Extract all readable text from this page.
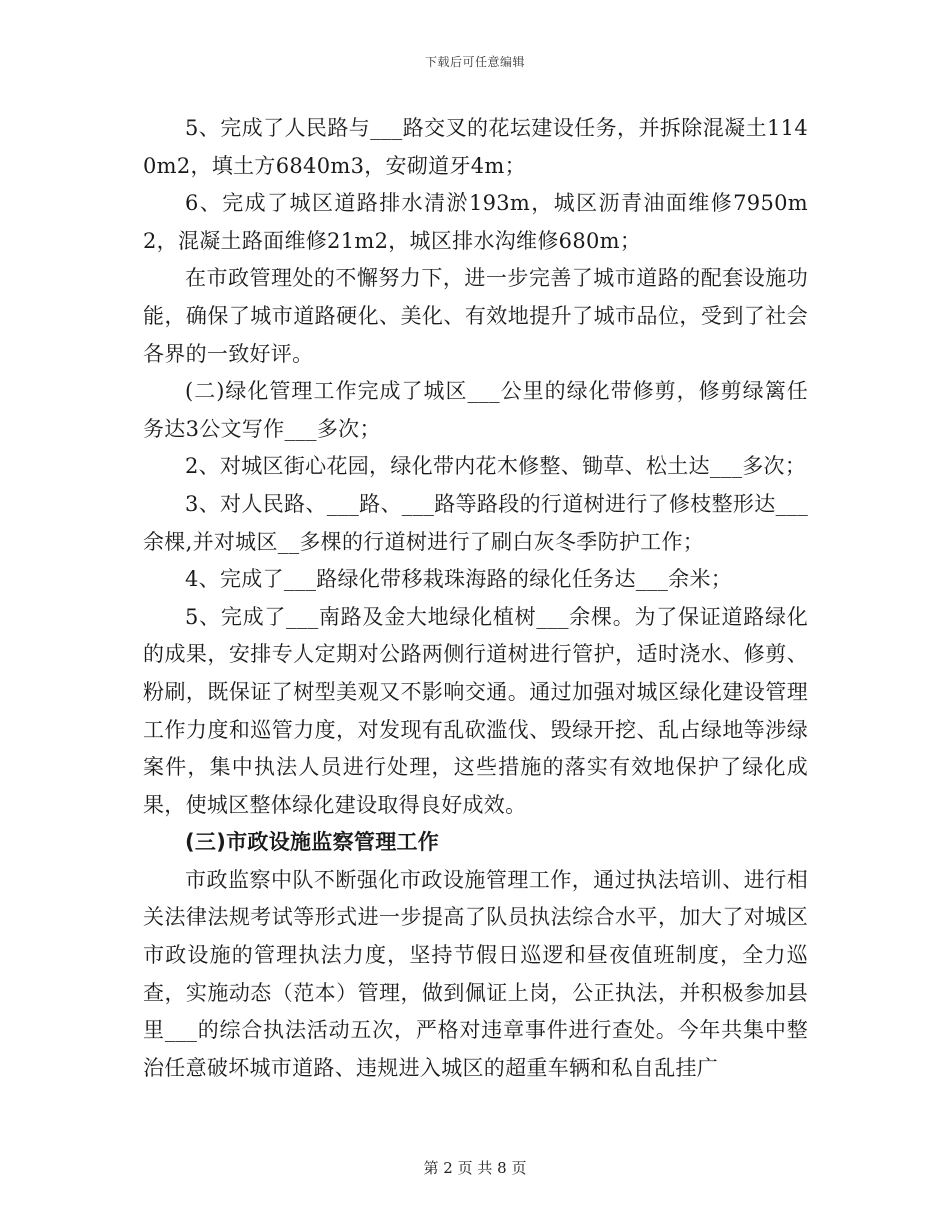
下载后可任意编辑

5、完成了人民路与___路交叉的花坛建设任务，并拆除混凝土1140m2，填土方6840m3，安砌道牙4m；

6、完成了城区道路排水清淤193m，城区沥青油面维修7950m2，混凝土路面维修21m2，城区排水沟维修680m；

在市政管理处的不懈努力下，进一步完善了城市道路的配套设施功能，确保了城市道路硬化、美化、有效地提升了城市品位，受到了社会各界的一致好评。

(二)绿化管理工作完成了城区___公里的绿化带修剪，修剪绿篱任务达3公文写作___多次；

2、对城区街心花园，绿化带内花木修整、锄草、松土达___多次；

3、对人民路、___路、___路等路段的行道树进行了修枝整形达___余棵,并对城区__多棵的行道树进行了刷白灰冬季防护工作；

4、完成了___路绿化带移栽珠海路的绿化任务达___余米；

5、完成了___南路及金大地绿化植树___余棵。为了保证道路绿化的成果，安排专人定期对公路两侧行道树进行管护，适时浇水、修剪、粉刷，既保证了树型美观又不影响交通。通过加强对城区绿化建设管理工作力度和巡管力度，对发现有乱砍滥伐、毁绿开挖、乱占绿地等涉绿案件，集中执法人员进行处理，这些措施的落实有效地保护了绿化成果，使城区整体绿化建设取得良好成效。

(三)市政设施监察管理工作

市政监察中队不断强化市政设施管理工作，通过执法培训、进行相关法律法规考试等形式进一步提高了队员执法综合水平，加大了对城区市政设施的管理执法力度，坚持节假日巡逻和昼夜值班制度，全力巡查，实施动态（范本）管理，做到佩证上岗，公正执法，并积极参加县里___的综合执法活动五次，严格对违章事件进行查处。今年共集中整治任意破坏城市道路、违规进入城区的超重车辆和私自乱挂广

第 2 页 共 8 页
